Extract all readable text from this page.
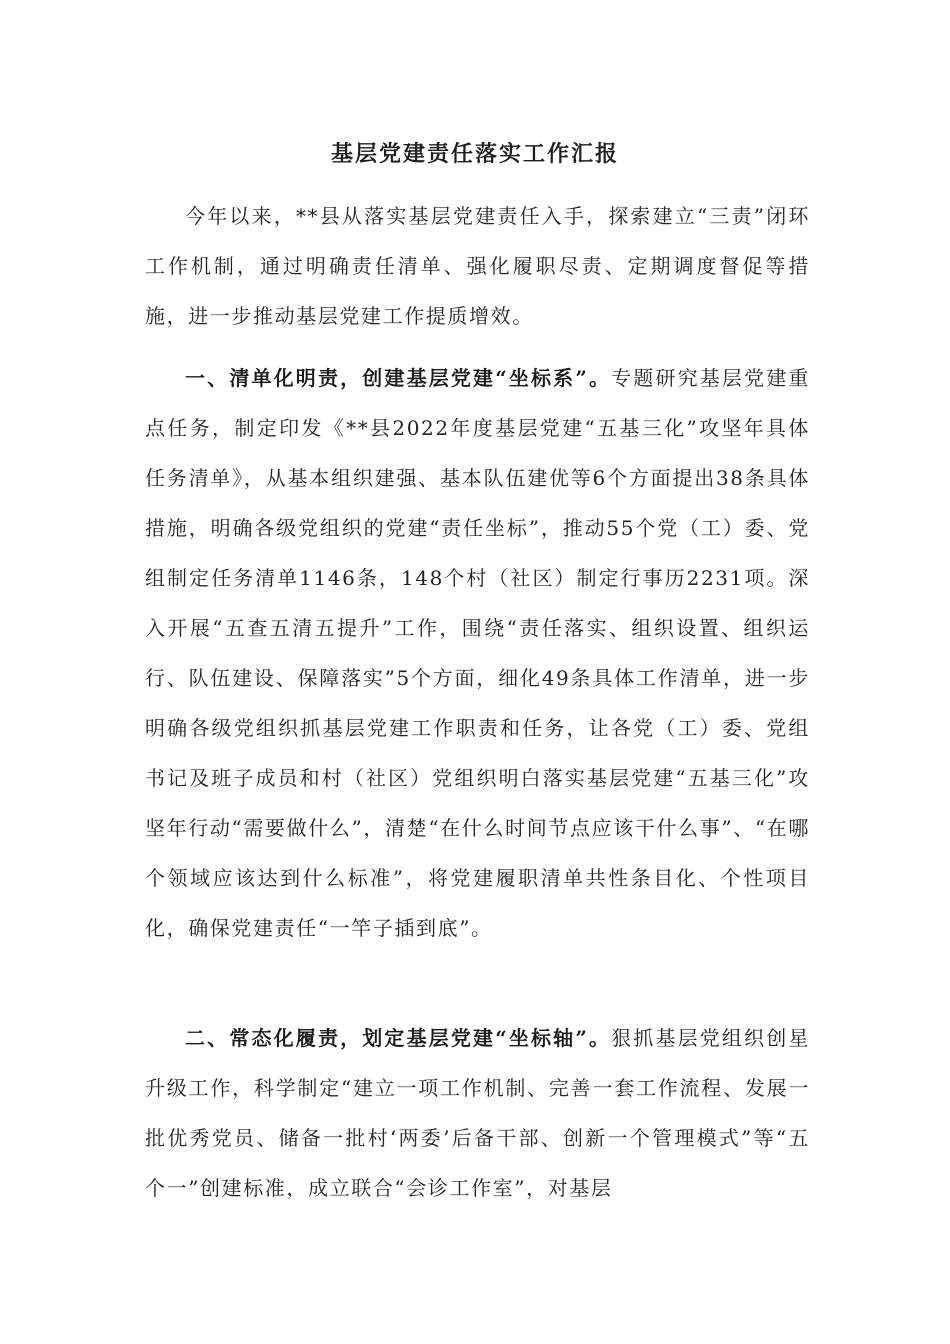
基层党建责任落实工作汇报

今年以来，**县从落实基层党建责任入手，探索建立“三责”闭环工作机制，通过明确责任清单、强化履职尽责、定期调度督促等措施，进一步推动基层党建工作提质增效。

一、清单化明责，创建基层党建“坐标系”。专题研究基层党建重点任务，制定印发《**县2022年度基层党建“五基三化”攻坚年具体任务清单》，从基本组织建强、基本队伍建优等6个方面提出38条具体措施，明确各级党组织的党建“责任坐标”，推动55个党（工）委、党组制定任务清单1146条，148个村（社区）制定行事历2231项。深入开展“五查五清五提升”工作，围绕“责任落实、组织设置、组织运行、队伍建设、保障落实”5个方面，细化49条具体工作清单，进一步明确各级党组织抓基层党建工作职责和任务，让各党（工）委、党组书记及班子成员和村（社区）党组织明白落实基层党建“五基三化”攻坚年行动“需要做什么”，清楚“在什么时间节点应该干什么事”、“在哪个领域应该达到什么标准”，将党建履职清单共性条目化、个性项目化，确保党建责任“一竿子插到底”。

二、常态化履责，划定基层党建“坐标轴”。狠抓基层党组织创星升级工作，科学制定“建立一项工作机制、完善一套工作流程、发展一批优秀党员、储备一批村‘两委’后备干部、创新一个管理模式”等“五个一”创建标准，成立联合“会诊工作室”，对基层
